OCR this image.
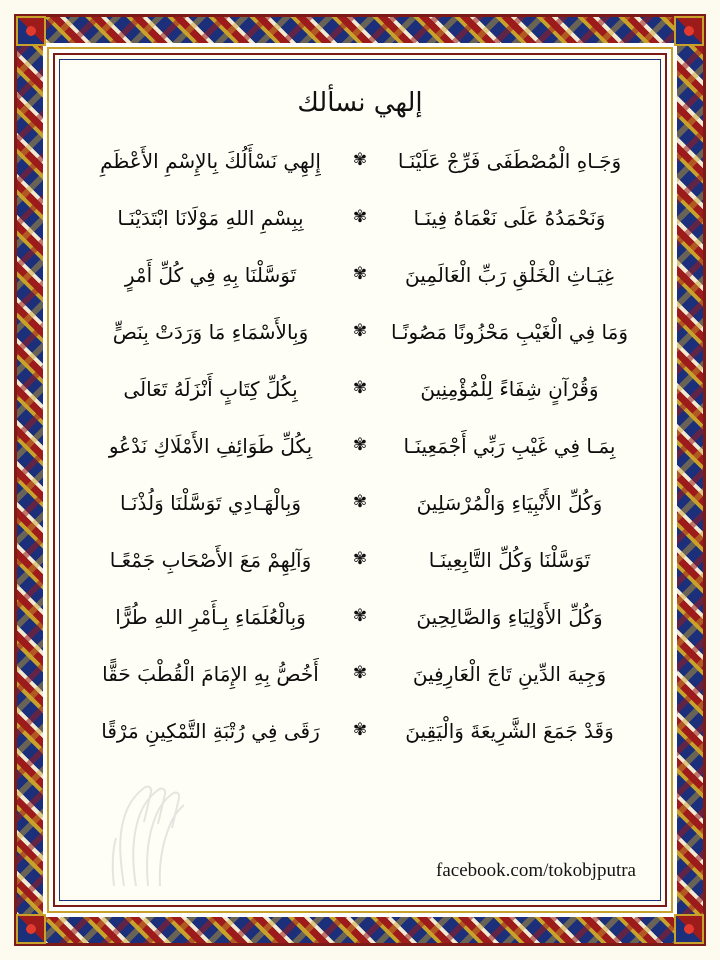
إلهي نسألك
إِلهِي نَسْأَلُكَ بِالإِسْمِ الأَعْظَمِ	✾	وَجَـاهِ الْمُصْطَفَى فَرِّجْ عَلَيْنَـا
بِبِسْمِ اللهِ مَوْلَانَا ابْتَدَيْنَـا	✾	وَنَحْمَدُهُ عَلَى نَعْمَاهُ فِينَـا
تَوَسَّلْنَا بِهِ فِي كُلِّ أَمْرٍ	✾	غِيَـاثِ الْخَلْقِ رَبِّ الْعَالَمِينَ
وَبِالأَسْمَاءِ مَا وَرَدَتْ بِنَصٍّ	✾	وَمَا فِي الْغَيْبِ مَحْزُونًا مَصُونًـا
بِكُلِّ كِتَابٍ أَنْزَلَهُ تَعَالَى	✾	وَقُرْآنٍ شِفَاءً لِلْمُؤْمِنِينَ
بِكُلِّ طَوَائِفِ الأَمْلَاكِ نَدْعُو	✾	بِمَـا فِي غَيْبِ رَبِّي أَجْمَعِينَـا
وَبِالْهَـادِي تَوَسَّلْنَا وَلُذْنَـا	✾	وَكُلِّ الأَنْبِيَاءِ وَالْمُرْسَلِينَ
وَآلِهِمْ مَعَ الأَصْحَابِ جَمْعًـا	✾	تَوَسَّلْنَا وَكُلِّ التَّابِعِينَـا
وَبِالْعُلَمَاءِ بِـأَمْرِ اللهِ طُرًّا	✾	وَكُلِّ الأَوْلِيَاءِ وَالصَّالِحِينَ
أَخُصُّ بِهِ الإِمَامَ الْقُطْبَ حَقًّا	✾	وَجِيهَ الدِّينِ تَاجَ الْعَارِفِينَ
رَقَى فِي رُتْبَةِ التَّمْكِينِ مَرْقًا	✾	وَقَدْ جَمَعَ الشَّرِيعَةَ وَالْيَقِينَ
facebook.com/tokobjputra
